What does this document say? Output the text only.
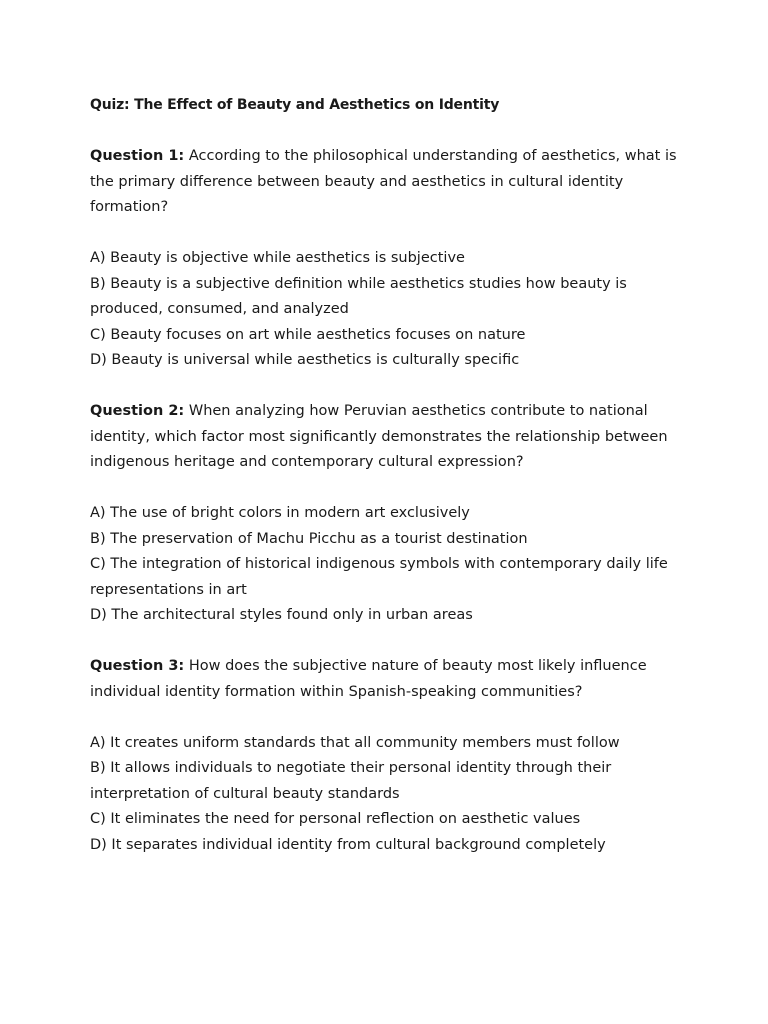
Quiz: The Effect of Beauty and Aesthetics on Identity

Question 1: According to the philosophical understanding of aesthetics, what is the primary difference between beauty and aesthetics in cultural identity formation?

A) Beauty is objective while aesthetics is subjective
B) Beauty is a subjective definition while aesthetics studies how beauty is produced, consumed, and analyzed
C) Beauty focuses on art while aesthetics focuses on nature
D) Beauty is universal while aesthetics is culturally specific

Question 2: When analyzing how Peruvian aesthetics contribute to national identity, which factor most significantly demonstrates the relationship between indigenous heritage and contemporary cultural expression?

A) The use of bright colors in modern art exclusively
B) The preservation of Machu Picchu as a tourist destination
C) The integration of historical indigenous symbols with contemporary daily life representations in art
D) The architectural styles found only in urban areas

Question 3: How does the subjective nature of beauty most likely influence individual identity formation within Spanish-speaking communities?

A) It creates uniform standards that all community members must follow
B) It allows individuals to negotiate their personal identity through their interpretation of cultural beauty standards
C) It eliminates the need for personal reflection on aesthetic values
D) It separates individual identity from cultural background completely
